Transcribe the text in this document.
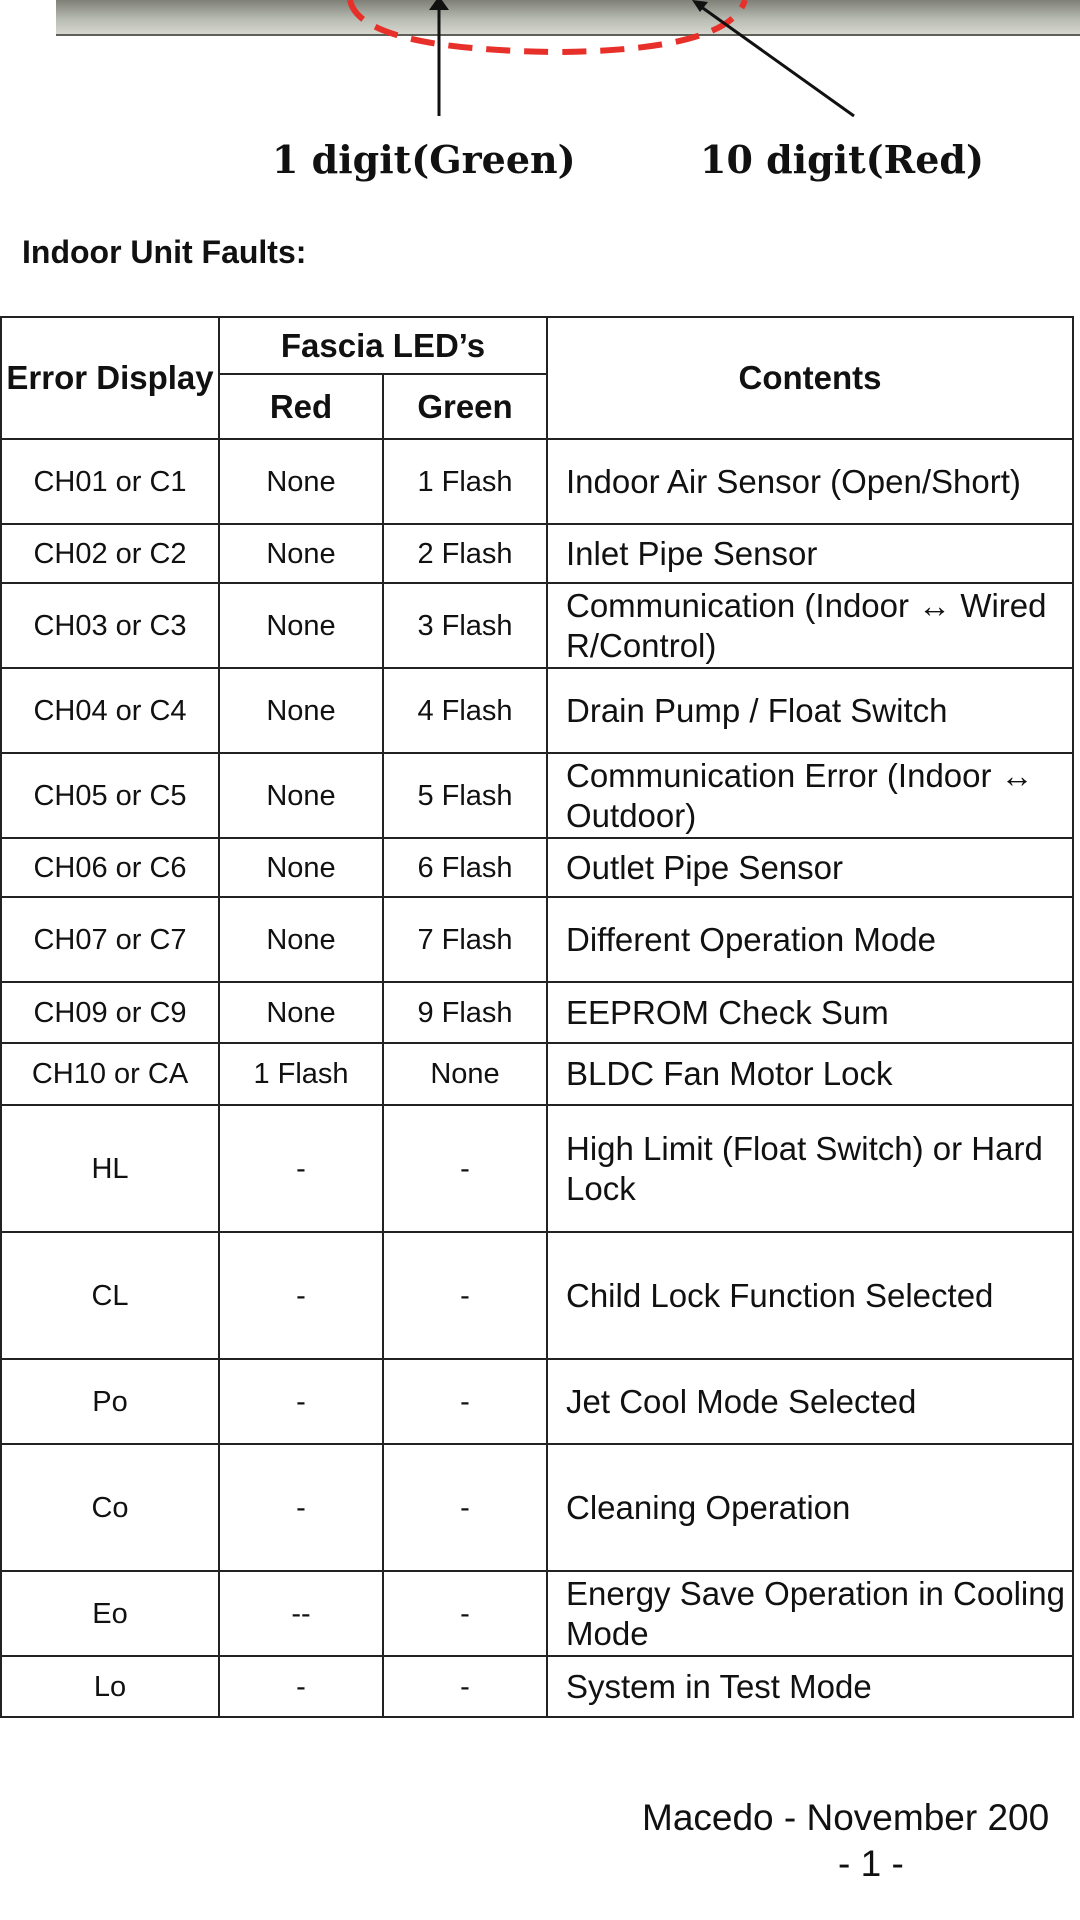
1 digit(Green)	10 digit(Red)
Indoor Unit Faults:
Error Display	Fascia LED’s		Contents
	Red	Green	
CH01 or C1	None	1 Flash	Indoor Air Sensor (Open/Short)
CH02 or C2	None	2 Flash	Inlet Pipe Sensor
CH03 or C3	None	3 Flash	Communication (Indoor ↔ Wired R/Control)
CH04 or C4	None	4 Flash	Drain Pump / Float Switch
CH05 or C5	None	5 Flash	Communication Error (Indoor ↔ Outdoor)
CH06 or C6	None	6 Flash	Outlet Pipe Sensor
CH07 or C7	None	7 Flash	Different Operation Mode
CH09 or C9	None	9 Flash	EEPROM Check Sum
CH10 or CA	1 Flash	None	BLDC Fan Motor Lock
HL	-	-	High Limit (Float Switch) or Hard Lock
CL	-	-	Child Lock Function Selected
Po	-	-	Jet Cool Mode Selected
Co	-	-	Cleaning Operation
Eo	--	-	Energy Save Operation in Cooling Mode
Lo	-	-	System in Test Mode
Macedo - November 200
- 1 -
